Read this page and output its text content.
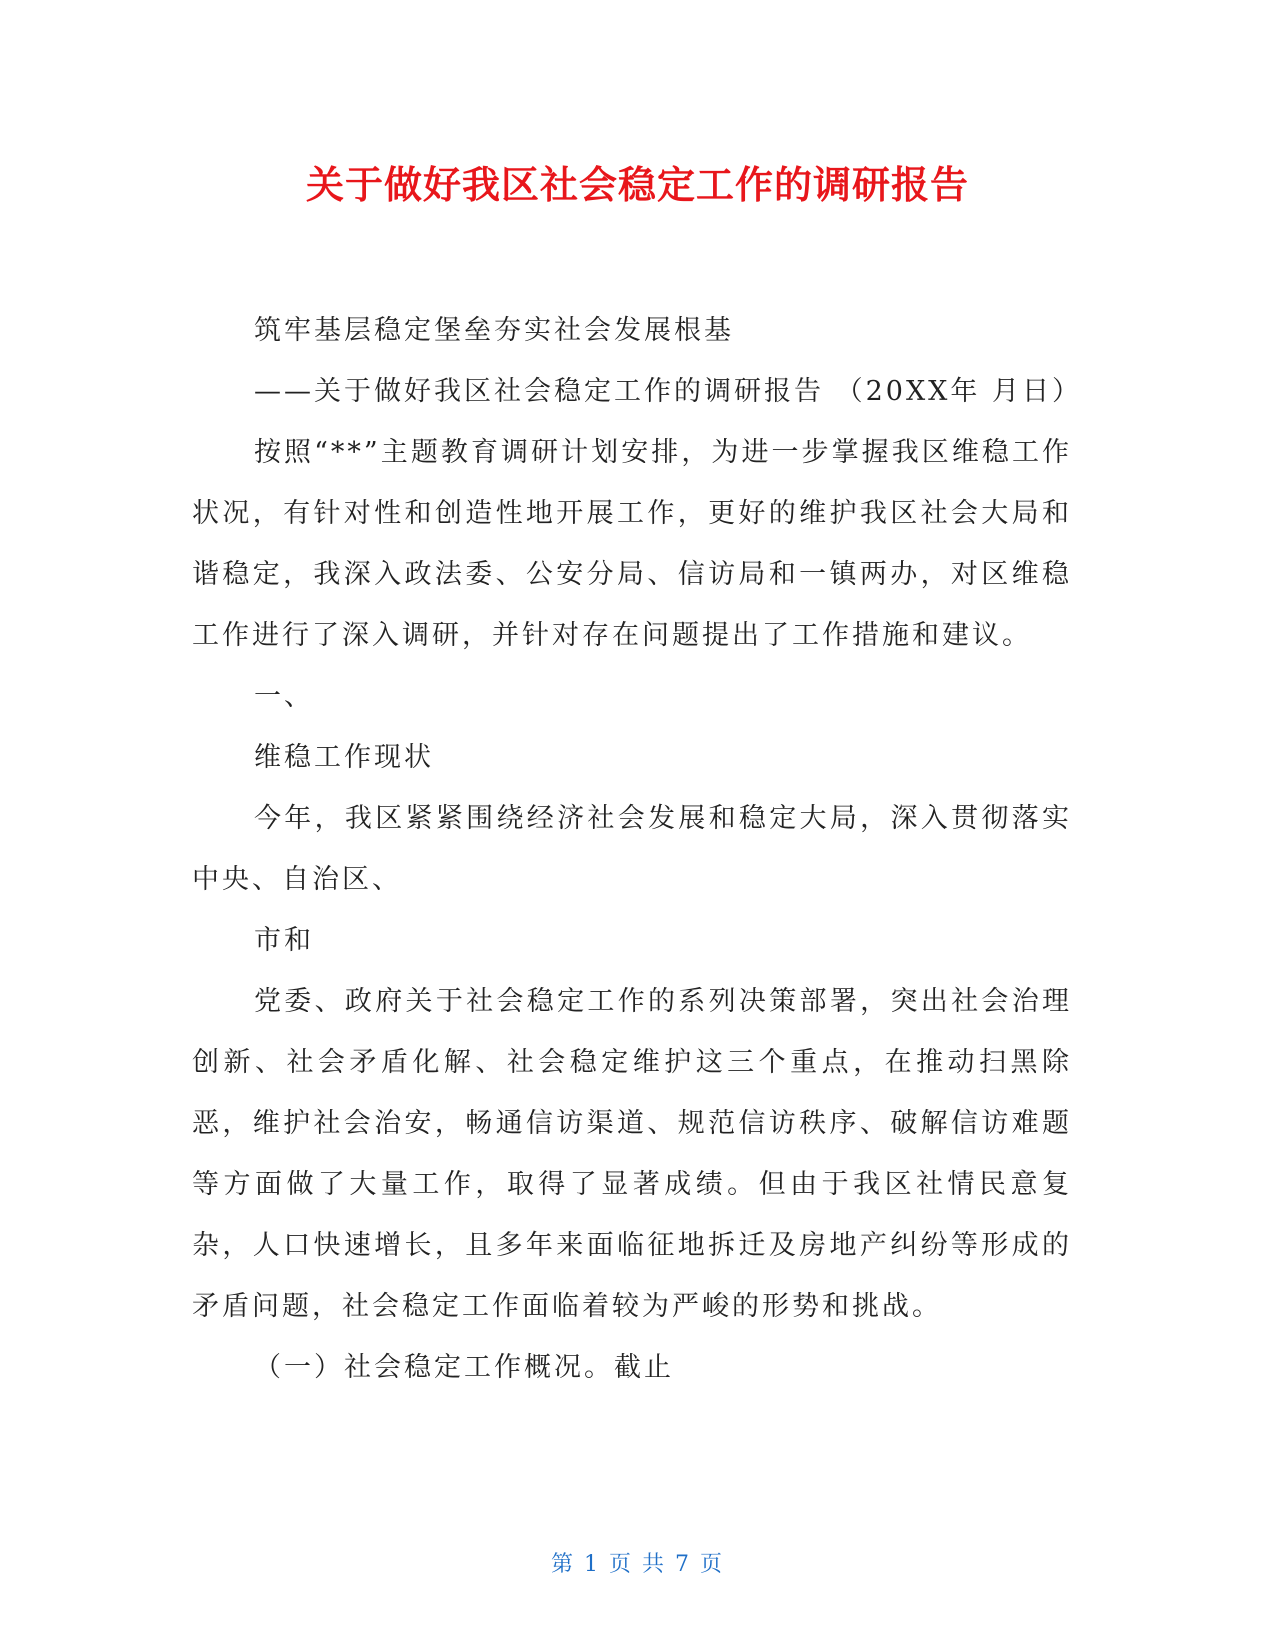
关于做好我区社会稳定工作的调研报告

筑牢基层稳定堡垒夯实社会发展根基

——关于做好我区社会稳定工作的调研报告 （20XX年 月日）

按照“**”主题教育调研计划安排，为进一步掌握我区维稳工作状况，有针对性和创造性地开展工作，更好的维护我区社会大局和谐稳定，我深入政法委、公安分局、信访局和一镇两办，对区维稳工作进行了深入调研，并针对存在问题提出了工作措施和建议。

一、

维稳工作现状

今年，我区紧紧围绕经济社会发展和稳定大局，深入贯彻落实中央、自治区、

市和

党委、政府关于社会稳定工作的系列决策部署，突出社会治理创新、社会矛盾化解、社会稳定维护这三个重点，在推动扫黑除恶，维护社会治安，畅通信访渠道、规范信访秩序、破解信访难题等方面做了大量工作，取得了显著成绩。但由于我区社情民意复杂，人口快速增长，且多年来面临征地拆迁及房地产纠纷等形成的矛盾问题，社会稳定工作面临着较为严峻的形势和挑战。

（一）社会稳定工作概况。截止

第 1 页 共 7 页
